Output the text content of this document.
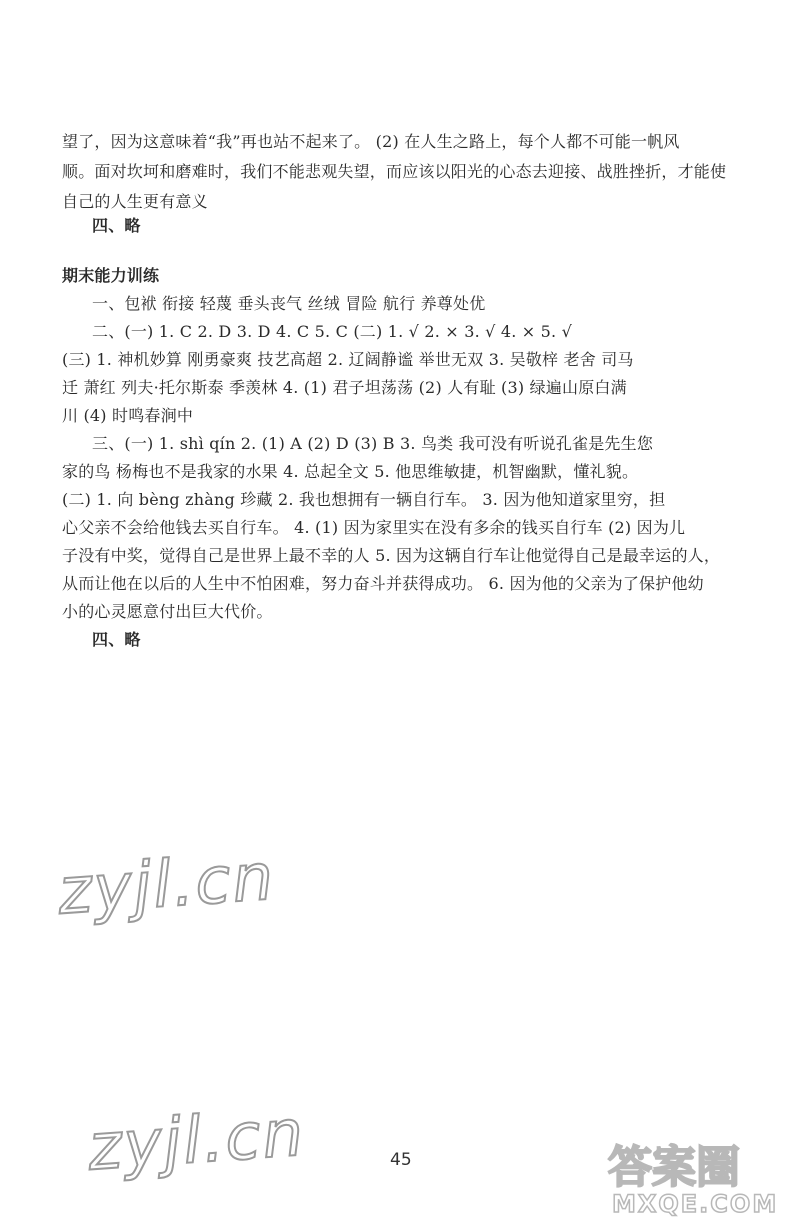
望了，因为这意味着“我”再也站不起来了。 (2) 在人生之路上，每个人都不可能一帆风
顺。面对坎坷和磨难时，我们不能悲观失望，而应该以阳光的心态去迎接、战胜挫折，才能使
自己的人生更有意义
四、略
期末能力训练
一、包袱 衔接 轻蔑 垂头丧气 丝绒 冒险 航行 养尊处优
二、(一) 1. C 2. D 3. D 4. C 5. C (二) 1. √ 2. × 3. √ 4. × 5. √
(三) 1. 神机妙算 刚勇豪爽 技艺高超 2. 辽阔静谧 举世无双 3. 吴敬梓 老舍 司马
迁 萧红 列夫·托尔斯泰 季羡林 4. (1) 君子坦荡荡 (2) 人有耻 (3) 绿遍山原白满
川 (4) 时鸣春涧中
三、(一) 1. shì qín 2. (1) A (2) D (3) B 3. 鸟类 我可没有听说孔雀是先生您
家的鸟 杨梅也不是我家的水果 4. 总起全文 5. 他思维敏捷，机智幽默，懂礼貌。
(二) 1. 向 bèng zhàng 珍藏 2. 我也想拥有一辆自行车。 3. 因为他知道家里穷，担
心父亲不会给他钱去买自行车。 4. (1) 因为家里实在没有多余的钱买自行车 (2) 因为儿
子没有中奖，觉得自己是世界上最不幸的人 5. 因为这辆自行车让他觉得自己是最幸运的人，
从而让他在以后的人生中不怕困难，努力奋斗并获得成功。 6. 因为他的父亲为了保护他幼
小的心灵愿意付出巨大代价。
四、略
zyjl.cn
zyjl.cn	45	答案圈
MXQE.COM
